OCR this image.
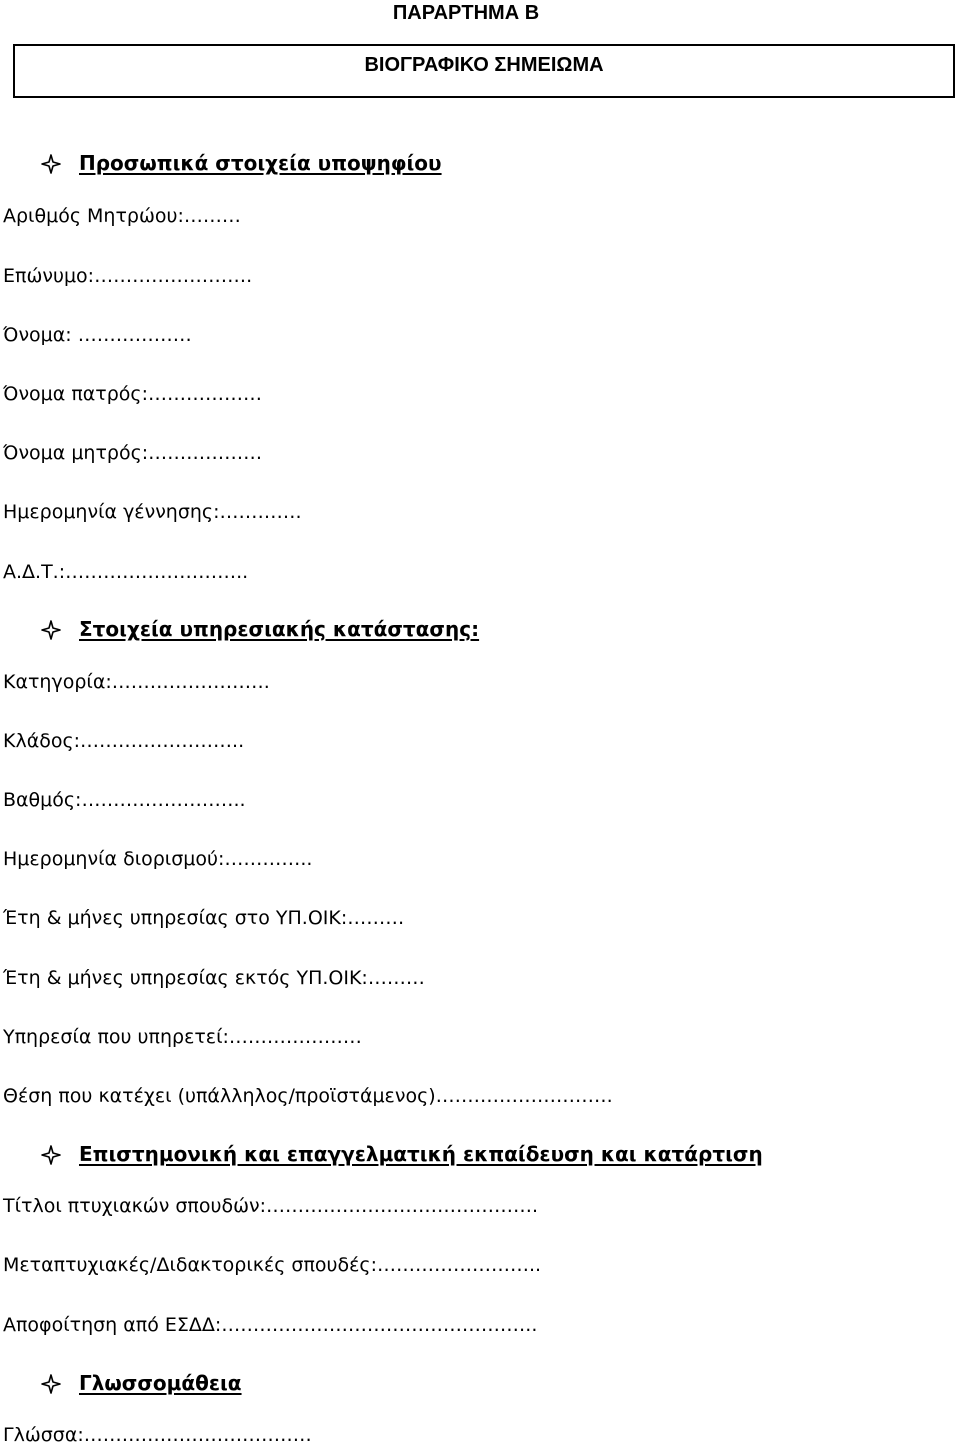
ΠΑΡΑΡΤΗΜΑ Β
ΒΙΟΓΡΑΦΙΚΟ ΣΗΜΕΙΩΜΑ
Προσωπικά στοιχεία υποψηφίου
Αριθμός Μητρώου:………
Επώνυμο:…………………….
Όνομα: ………………
Όνομα πατρός:………………
Όνομα μητρός:………………
Ημερομηνία γέννησης:………….
Α.Δ.Τ.:………………………..
Στοιχεία υπηρεσιακής κατάστασης:
Κατηγορία:…………………….
Κλάδος:……………………..
Βαθμός:……………………..
Ημερομηνία διορισμού:…………..
Έτη & μήνες υπηρεσίας στο ΥΠ.ΟΙΚ:………
Έτη & μήνες υπηρεσίας εκτός ΥΠ.ΟΙΚ:………
Υπηρεσία που υπηρετεί:…………………
Θέση που κατέχει (υπάλληλος/προϊστάμενος)……………………….
Επιστημονική και επαγγελματική εκπαίδευση και κατάρτιση
Τίτλοι πτυχιακών σπουδών:…………………………………….
Μεταπτυχιακές/Διδακτορικές σπουδές:……………………..
Αποφοίτηση από ΕΣΔΔ:…………………………………………..
Γλωσσομάθεια
Γλώσσα:………………………………
